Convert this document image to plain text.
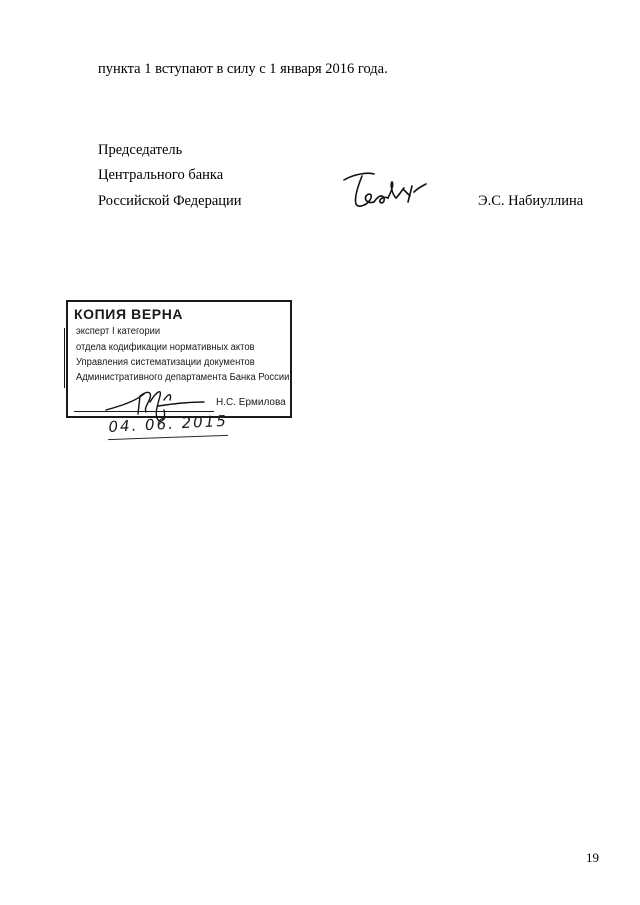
пункта 1 вступают в силу с 1 января 2016 года.
Председатель
Центрального банка
Российской Федерации	Э.С. Набиуллина
КОПИЯ ВЕРНА
эксперт I категории
отдела кодификации нормативных актов
Управления систематизации документов
Административного департамента Банка России
Н.С. Ермилова
04. 06. 2015
19
